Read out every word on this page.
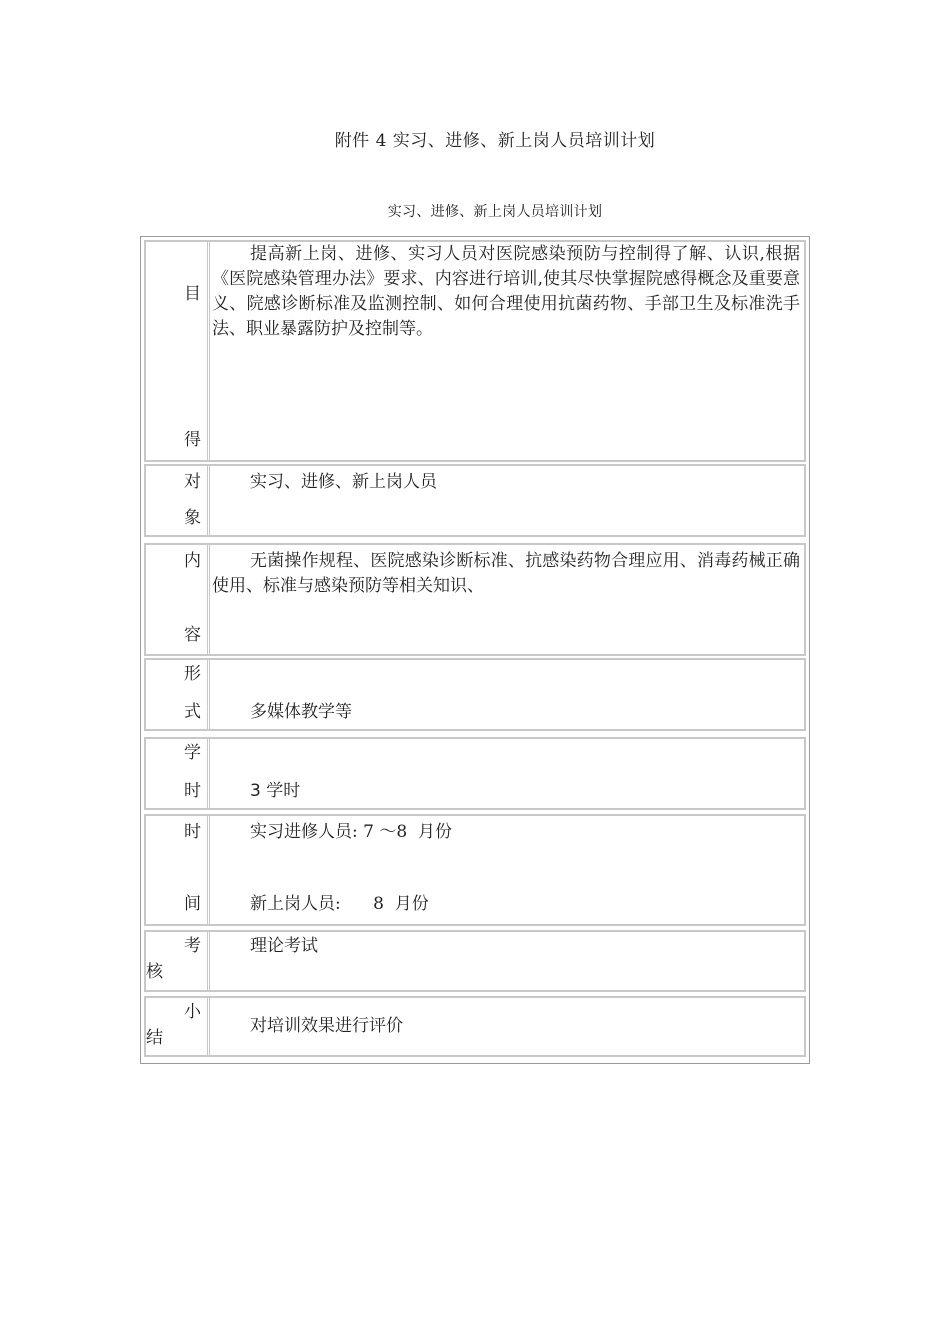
附件 4 实习、进修、新上岗人员培训计划
实习、进修、新上岗人员培训计划
目
得
提高新上岗、进修、实习人员对医院感染预防与控制得了解、认识,根据《医院感染管理办法》要求、内容进行培训,使其尽快掌握院感得概念及重要意义、院感诊断标准及监测控制、如何合理使用抗菌药物、手部卫生及标准洗手法、职业暴露防护及控制等。
对
象
实习、进修、新上岗人员
内
容
无菌操作规程、医院感染诊断标准、抗感染药物合理应用、消毒药械正确使用、标准与感染预防等相关知识、
形
式	多媒体教学等
学
时	3 学时
时
间
实习进修人员: 7 ～8  月份
新上岗人员:      8  月份
考
核
理论考试
小
结
对培训效果进行评价
